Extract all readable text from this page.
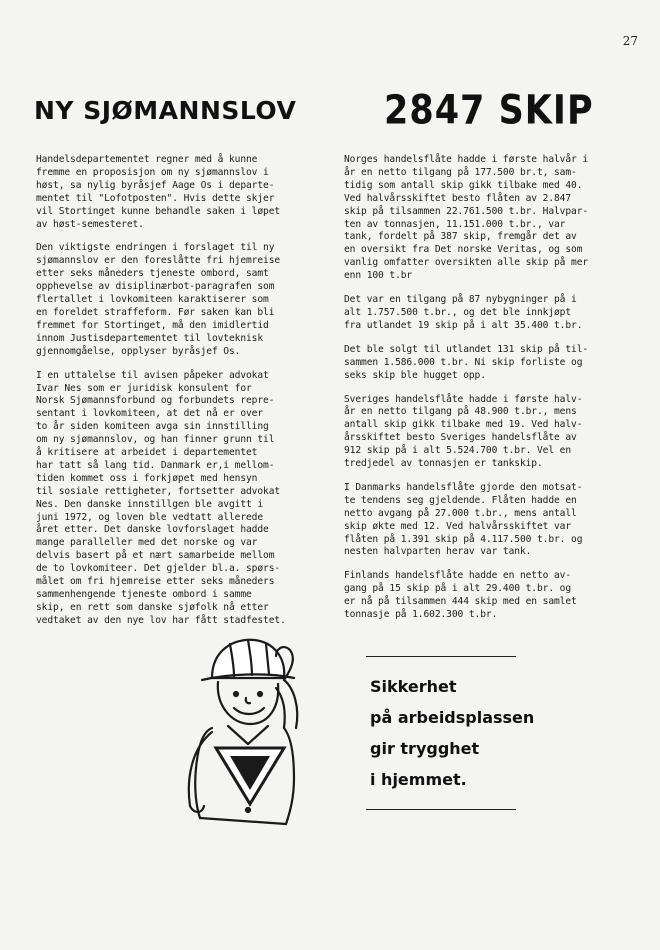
27
NY SJØMANNSLOV	2847 SKIP

Handelsdepartementet regner med å kunne
fremme en proposisjon om ny sjømannslov i
høst, sa nylig byråsjef Aage Os i departe-
mentet til "Lofotposten". Hvis dette skjer
vil Stortinget kunne behandle saken i løpet
av høst-semesteret.

Den viktigste endringen i forslaget til ny
sjømannslov er den foreslåtte fri hjemreise
etter seks måneders tjeneste ombord, samt
opphevelse av disiplinærbot-paragrafen som
flertallet i lovkomiteen karaktiserer som
en foreldet straffeform. Før saken kan bli
fremmet for Stortinget, må den imidlertid
innom Justisdepartementet til lovteknisk
gjennomgåelse, opplyser byråsjef Os.

I en uttalelse til avisen påpeker advokat
Ivar Nes som er juridisk konsulent for
Norsk Sjømannsforbund og forbundets repre-
sentant i lovkomiteen, at det nå er over
to år siden komiteen avga sin innstilling
om ny sjømannslov, og han finner grunn til
å kritisere at arbeidet i departementet
har tatt så lang tid. Danmark er,i mellom-
tiden kommet oss i forkjøpet med hensyn
til sosiale rettigheter, fortsetter advokat
Nes. Den danske innstillgen ble avgitt i
juni 1972, og loven ble vedtatt allerede
året etter. Det danske lovforslaget hadde
mange paralleller med det norske og var
delvis basert på et nært samarbeide mellom
de to lovkomiteer. Det gjelder bl.a. spørs-
målet om fri hjemreise etter seks måneders
sammenhengende tjeneste ombord i samme
skip, en rett som danske sjøfolk nå etter
vedtaket av den nye lov har fått stadfestet.

Norges handelsflåte hadde i første halvår i
år en netto tilgang på 177.500 br.t, sam-
tidig som antall skip gikk tilbake med 40.
Ved halvårsskiftet besto flåten av 2.847
skip på tilsammen 22.761.500 t.br. Halvpar-
ten av tonnasjen, 11.151.000 t.br., var
tank, fordelt på 387 skip, fremgår det av
en oversikt fra Det norske Veritas, og som
vanlig omfatter oversikten alle skip på mer
enn 100 t.br

Det var en tilgang på 87 nybygninger på i
alt 1.757.500 t.br., og det ble innkjøpt
fra utlandet 19 skip på i alt 35.400 t.br.

Det ble solgt til utlandet 131 skip på til-
sammen 1.586.000 t.br. Ni skip forliste og
seks skip ble hugget opp.

Sveriges handelsflåte hadde i første halv-
år en netto tilgang på 48.900 t.br., mens
antall skip gikk tilbake med 19. Ved halv-
årsskiftet besto Sveriges handelsflåte av
912 skip på i alt 5.524.700 t.br. Vel en
tredjedel av tonnasjen er tankskip.

I Danmarks handelsflåte gjorde den motsat-
te tendens seg gjeldende. Flåten hadde en
netto avgang på 27.000 t.br., mens antall
skip økte med 12. Ved halvårsskiftet var
flåten på 1.391 skip på 4.117.500 t.br. og
nesten halvparten herav var tank.

Finlands handelsflåte hadde en netto av-
gang på 15 skip på i alt 29.400 t.br. og
er nå på tilsammen 444 skip med en samlet
tonnasje på 1.602.300 t.br.

Sikkerhet
på arbeidsplassen
gir trygghet
i hjemmet.
